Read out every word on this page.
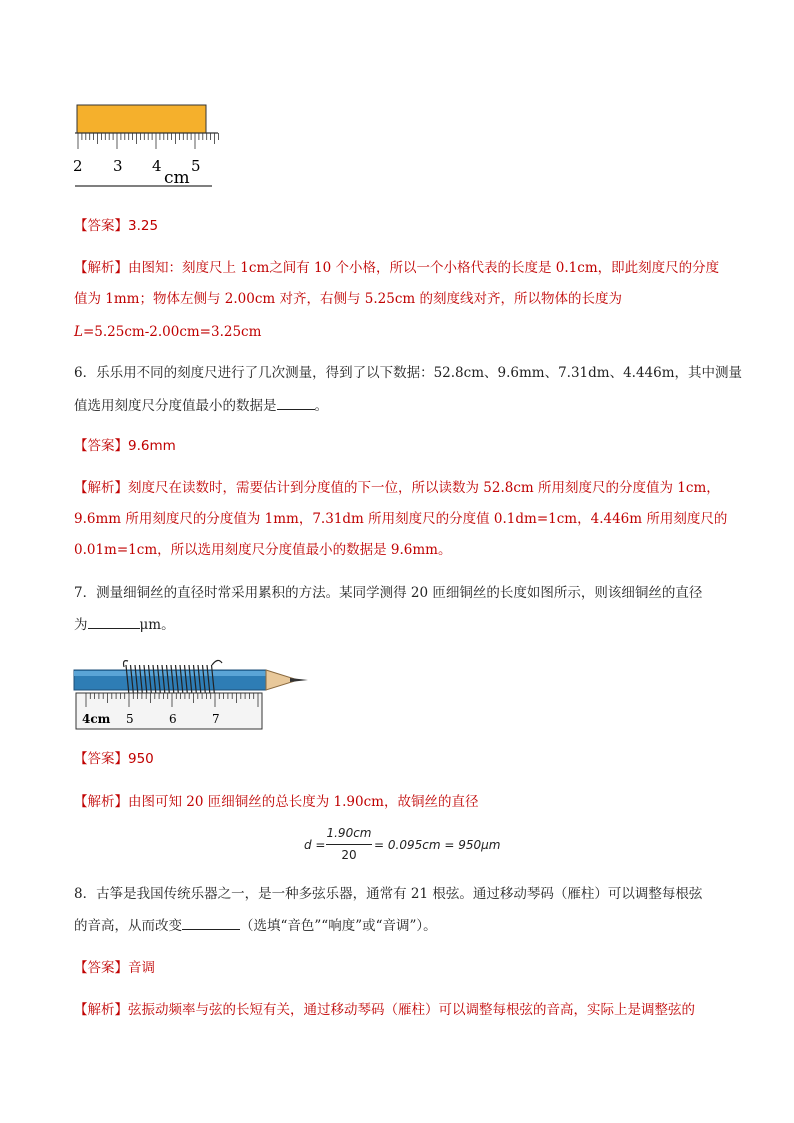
2 3 4 5
cm
【答案】3.25
【解析】由图知：刻度尺上 1cm之间有 10 个小格，所以一个小格代表的长度是 0.1cm，即此刻度尺的分度
值为 1mm；物体左侧与 2.00cm 对齐，右侧与 5.25cm 的刻度线对齐，所以物体的长度为
L=5.25cm-2.00cm=3.25cm
6．乐乐用不同的刻度尺进行了几次测量，得到了以下数据：52.8cm、9.6mm、7.31dm、4.446m，其中测量
值选用刻度尺分度值最小的数据是	。
【答案】9.6mm
【解析】刻度尺在读数时，需要估计到分度值的下一位，所以读数为 52.8cm 所用刻度尺的分度值为 1cm，
9.6mm 所用刻度尺的分度值为 1mm，7.31dm 所用刻度尺的分度值 0.1dm=1cm，4.446m 所用刻度尺的
0.01m=1cm，所以选用刻度尺分度值最小的数据是 9.6mm。
7．测量细铜丝的直径时常采用累积的方法。某同学测得 20 匝细铜丝的长度如图所示，则该细铜丝的直径
为	μm。
4cm 5	6	7
【答案】950
【解析】由图可知 20 匝细铜丝的总长度为 1.90cm，故铜丝的直径
d =
1.90cm
20
= 0.095cm = 950μm
8．古筝是我国传统乐器之一，是一种多弦乐器，通常有 21 根弦。通过移动琴码（雁柱）可以调整每根弦
的音高，从而改变	（选填“音色”“响度”或“音调”）。
【答案】音调
【解析】弦振动频率与弦的长短有关，通过移动琴码（雁柱）可以调整每根弦的音高，实际上是调整弦的
